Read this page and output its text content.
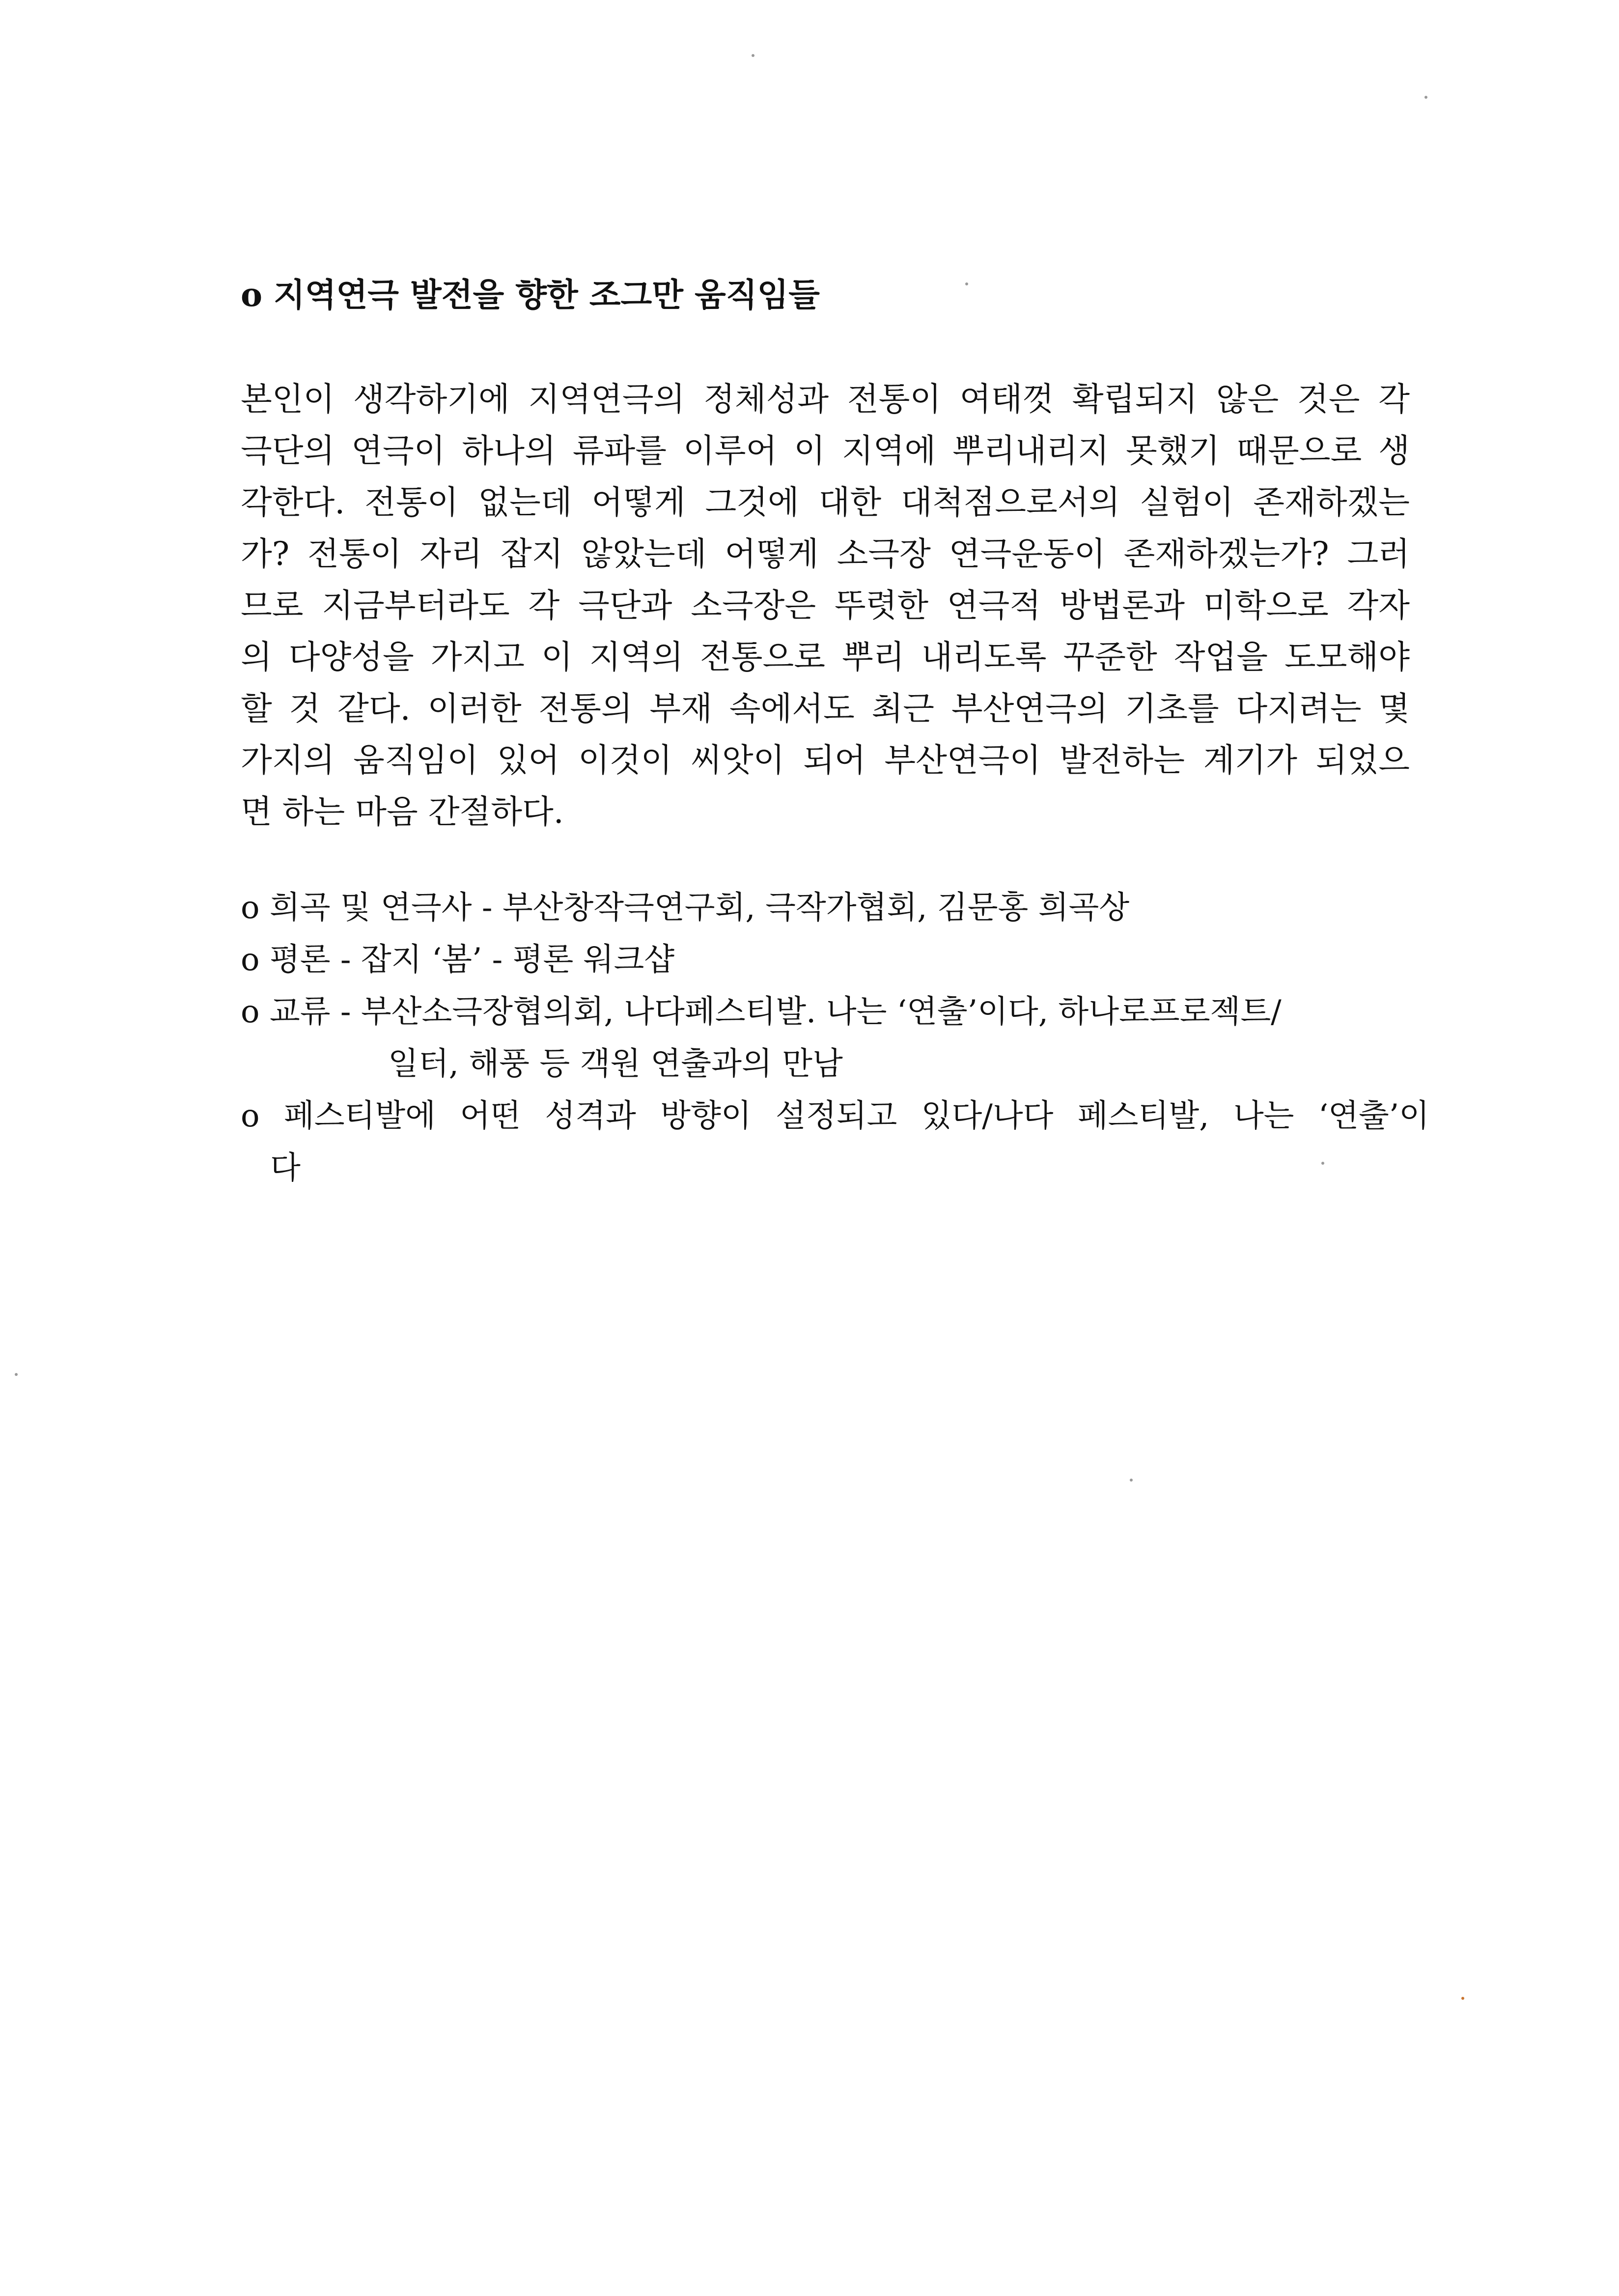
o 지역연극 발전을 향한 조그만 움직임들
본인이 생각하기에 지역연극의 정체성과 전통이 여태껏 확립되지 않은 것은 각
극단의 연극이 하나의 류파를 이루어 이 지역에 뿌리내리지 못했기 때문으로 생
각한다. 전통이 없는데 어떻게 그것에 대한 대척점으로서의 실험이 존재하겠는
가? 전통이 자리 잡지 않았는데 어떻게 소극장 연극운동이 존재하겠는가? 그러
므로 지금부터라도 각 극단과 소극장은 뚜렷한 연극적 방법론과 미학으로 각자
의 다양성을 가지고 이 지역의 전통으로 뿌리 내리도록 꾸준한 작업을 도모해야
할 것 같다. 이러한 전통의 부재 속에서도 최근 부산연극의 기초를 다지려는 몇
가지의 움직임이 있어 이것이 씨앗이 되어 부산연극이 발전하는 계기가 되었으
면 하는 마음 간절하다.
o 희곡 및 연극사 - 부산창작극연구회, 극작가협회, 김문홍 희곡상
o 평론 - 잡지 ‘봄’ - 평론 워크샵
o 교류 - 부산소극장협의회, 나다페스티발. 나는 ‘연출’이다, 하나로프로젝트/
일터, 해풍 등 객원 연출과의 만남
o 페스티발에 어떤 성격과 방향이 설정되고 있다/나다 페스티발, 나는 ‘연출’이
다
